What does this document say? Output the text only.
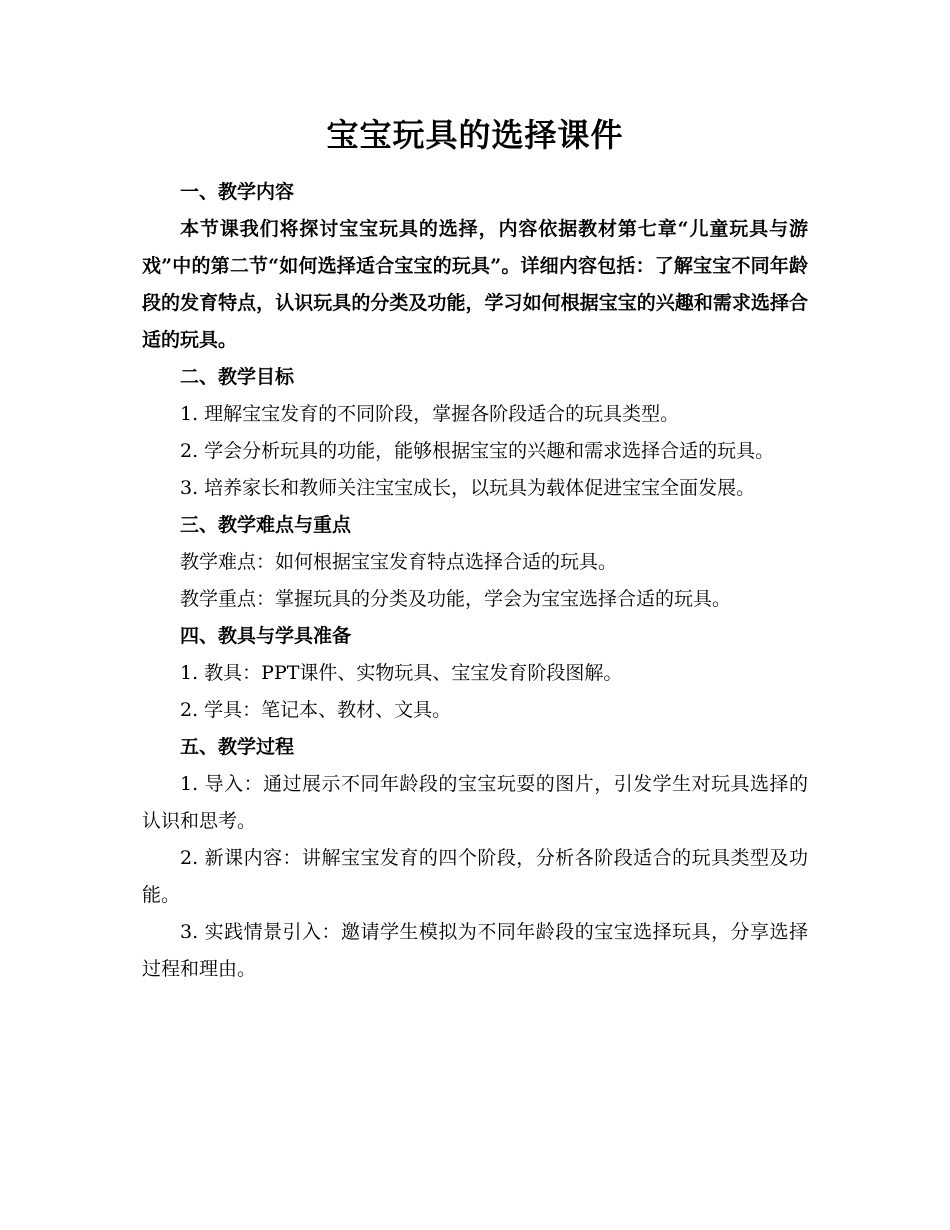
宝宝玩具的选择课件

一、教学内容

本节课我们将探讨宝宝玩具的选择，内容依据教材第七章“儿童玩具与游戏”中的第二节“如何选择适合宝宝的玩具”。详细内容包括：了解宝宝不同年龄段的发育特点，认识玩具的分类及功能，学习如何根据宝宝的兴趣和需求选择合适的玩具。

二、教学目标

1. 理解宝宝发育的不同阶段，掌握各阶段适合的玩具类型。

2. 学会分析玩具的功能，能够根据宝宝的兴趣和需求选择合适的玩具。

3. 培养家长和教师关注宝宝成长，以玩具为载体促进宝宝全面发展。

三、教学难点与重点

教学难点：如何根据宝宝发育特点选择合适的玩具。

教学重点：掌握玩具的分类及功能，学会为宝宝选择合适的玩具。

四、教具与学具准备

1. 教具：PPT课件、实物玩具、宝宝发育阶段图解。

2. 学具：笔记本、教材、文具。

五、教学过程

1. 导入：通过展示不同年龄段的宝宝玩耍的图片，引发学生对玩具选择的认识和思考。

2. 新课内容：讲解宝宝发育的四个阶段，分析各阶段适合的玩具类型及功能。

3. 实践情景引入：邀请学生模拟为不同年龄段的宝宝选择玩具，分享选择过程和理由。
